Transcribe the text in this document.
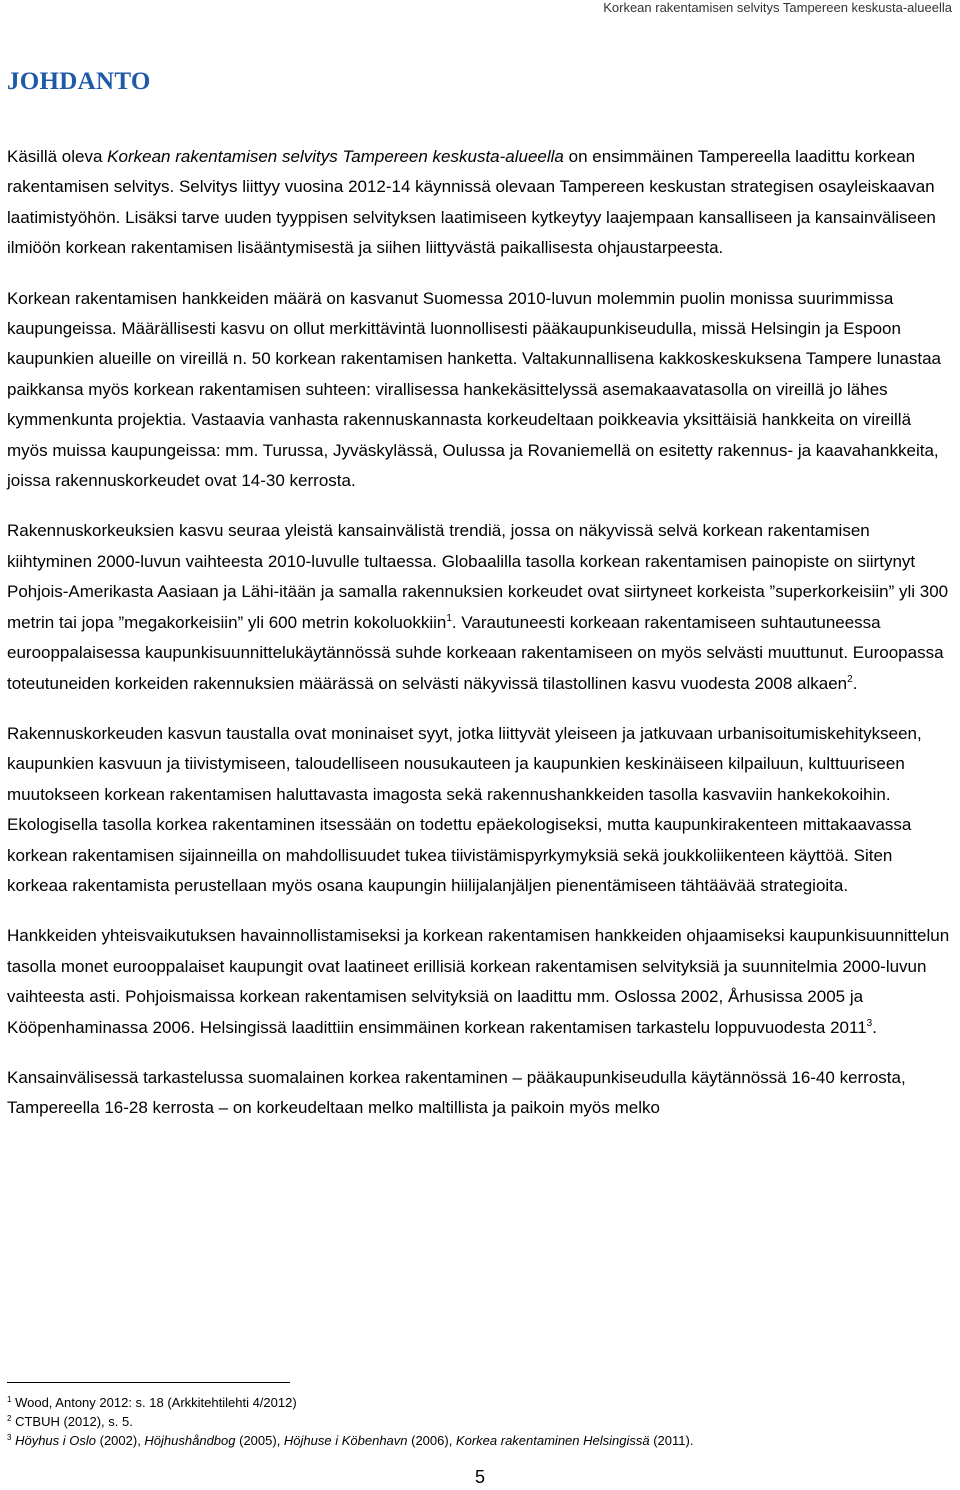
Korkean rakentamisen selvitys Tampereen keskusta-alueella
JOHDANTO

Käsillä oleva Korkean rakentamisen selvitys Tampereen keskusta-alueella on ensimmäinen Tampereella laadittu korkean rakentamisen selvitys. Selvitys liittyy vuosina 2012-14 käynnissä olevaan Tampereen keskustan strategisen osayleiskaavan laatimistyöhön. Lisäksi tarve uuden tyyppisen selvityksen laatimiseen kytkeytyy laajempaan kansalliseen ja kansainväliseen ilmiöön korkean rakentamisen lisääntymisestä ja siihen liittyvästä paikallisesta ohjaustarpeesta.

Korkean rakentamisen hankkeiden määrä on kasvanut Suomessa 2010-luvun molemmin puolin monissa suurimmissa kaupungeissa. Määrällisesti kasvu on ollut merkittävintä luonnollisesti pääkaupunkiseudulla, missä Helsingin ja Espoon kaupunkien alueille on vireillä n. 50 korkean rakentamisen hanketta. Valtakunnallisena kakkoskeskuksena Tampere lunastaa paikkansa myös korkean rakentamisen suhteen: virallisessa hankekäsittelyssä asemakaavatasolla on vireillä jo lähes kymmenkunta projektia. Vastaavia vanhasta rakennuskannasta korkeudeltaan poikkeavia yksittäisiä hankkeita on vireillä myös muissa kaupungeissa: mm. Turussa, Jyväskylässä, Oulussa ja Rovaniemellä on esitetty rakennus- ja kaavahankkeita, joissa rakennuskorkeudet ovat 14-30 kerrosta.

Rakennuskorkeuksien kasvu seuraa yleistä kansainvälistä trendiä, jossa on näkyvissä selvä korkean rakentamisen kiihtyminen 2000-luvun vaihteesta 2010-luvulle tultaessa. Globaalilla tasolla korkean rakentamisen painopiste on siirtynyt Pohjois-Amerikasta Aasiaan ja Lähi-itään ja samalla rakennuksien korkeudet ovat siirtyneet korkeista ”superkorkeisiin” yli 300 metrin tai jopa ”megakorkeisiin” yli 600 metrin kokoluokkiin$^1$. Varautuneesti korkeaan rakentamiseen suhtautuneessa eurooppalaisessa kaupunkisuunnittelukäytännössä suhde korkeaan rakentamiseen on myös selvästi muuttunut. Euroopassa toteutuneiden korkeiden rakennuksien määrässä on selvästi näkyvissä tilastollinen kasvu vuodesta 2008 alkaen$^2$.

Rakennuskorkeuden kasvun taustalla ovat moninaiset syyt, jotka liittyvät yleiseen ja jatkuvaan urbanisoitumiskehitykseen, kaupunkien kasvuun ja tiivistymiseen, taloudelliseen nousukauteen ja kaupunkien keskinäiseen kilpailuun, kulttuuriseen muutokseen korkean rakentamisen haluttavasta imagosta sekä rakennushankkeiden tasolla kasvaviin hankekokoihin. Ekologisella tasolla korkea rakentaminen itsessään on todettu epäekologiseksi, mutta kaupunkirakenteen mittakaavassa korkean rakentamisen sijainneilla on mahdollisuudet tukea tiivistämispyrkymyksiä sekä joukkoliikenteen käyttöä. Siten korkeaa rakentamista perustellaan myös osana kaupungin hiilijalanjäljen pienentämiseen tähtäävää strategioita.

Hankkeiden yhteisvaikutuksen havainnollistamiseksi ja korkean rakentamisen hankkeiden ohjaamiseksi kaupunkisuunnittelun tasolla monet eurooppalaiset kaupungit ovat laatineet erillisiä korkean rakentamisen selvityksiä ja suunnitelmia 2000-luvun vaihteesta asti. Pohjoismaissa korkean rakentamisen selvityksiä on laadittu mm. Oslossa 2002, Århusissa 2005 ja Kööpenhaminassa 2006. Helsingissä laadittiin ensimmäinen korkean rakentamisen tarkastelu loppuvuodesta 2011$^3$.

Kansainvälisessä tarkastelussa suomalainen korkea rakentaminen – pääkaupunkiseudulla käytännössä 16-40 kerrosta, Tampereella 16-28 kerrosta – on korkeudeltaan melko maltillista ja paikoin myös melko

$^1$ Wood, Antony 2012: s. 18 (Arkkitehtilehti 4/2012)

$^2$ CTBUH (2012), s. 5.

$^3$ Höyhus i Oslo (2002), Höjhushåndbog (2005), Höjhuse i Köbenhavn (2006), Korkea rakentaminen Helsingissä (2011).

5
